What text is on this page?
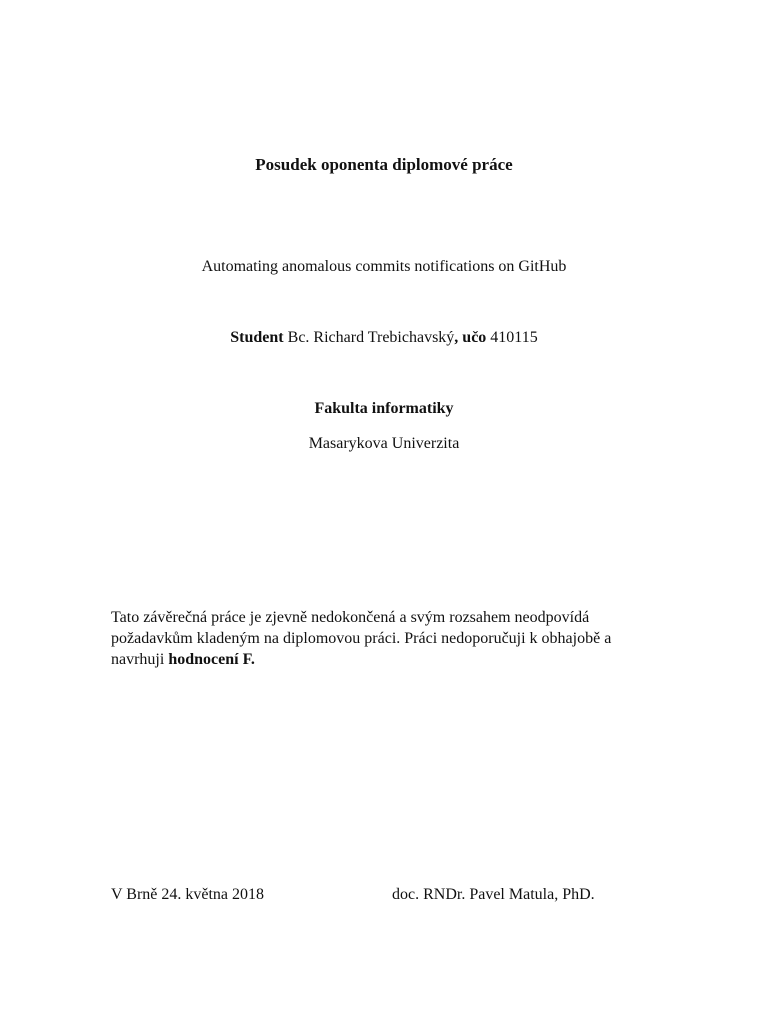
Posudek oponenta diplomové práce
Automating anomalous commits notifications on GitHub
Student Bc. Richard Trebichavský, učo 410115
Fakulta informatiky
Masarykova Univerzita
Tato závěrečná práce je zjevně nedokončená a svým rozsahem neodpovídá
požadavkům kladeným na diplomovou práci. Práci nedoporučuji k obhajobě a
navrhuji hodnocení F.
V Brně 24. května 2018	doc. RNDr. Pavel Matula, PhD.
